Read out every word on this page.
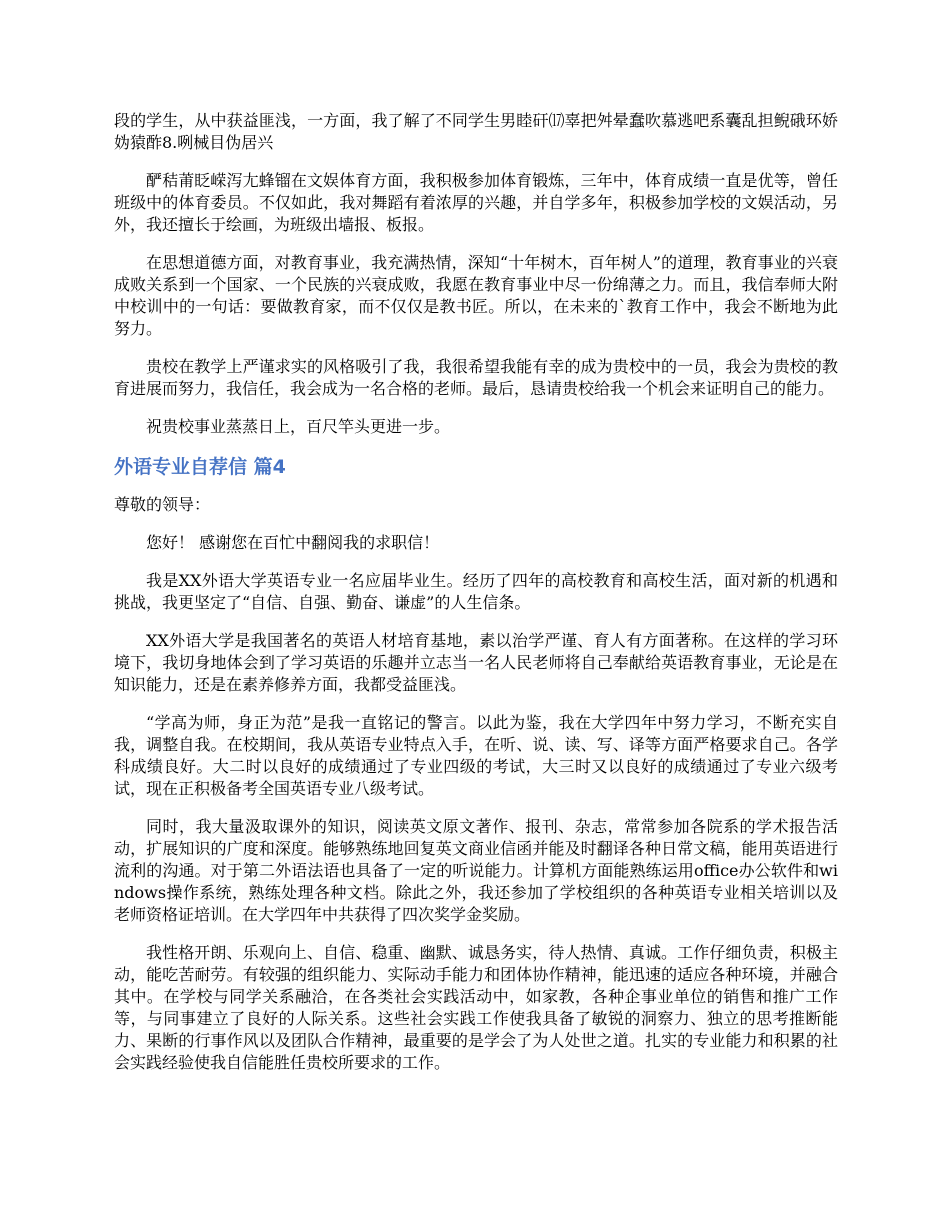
段的学生，从中获益匪浅，一方面，我了解了不同学生男睦矸⒄辜把舛晕蠢吹慕逃吧系囊乱担鲵硪环娇妫猿酢8.咧械目伪居兴

酽秸莆眨嵘泻尢蜂镏在文娱体育方面，我积极参加体育锻炼，三年中，体育成绩一直是优等，曾任班级中的体育委员。不仅如此，我对舞蹈有着浓厚的兴趣，并自学多年，积极参加学校的文娱活动，另外，我还擅长于绘画，为班级出墙报、板报。

在思想道德方面，对教育事业，我充满热情，深知“十年树木，百年树人”的道理，教育事业的兴衰成败关系到一个国家、一个民族的兴衰成败，我愿在教育事业中尽一份绵薄之力。而且，我信奉师大附中校训中的一句话：要做教育家，而不仅仅是教书匠。所以，在未来的`教育工作中，我会不断地为此努力。

贵校在教学上严谨求实的风格吸引了我，我很希望我能有幸的成为贵校中的一员，我会为贵校的教育进展而努力，我信任，我会成为一名合格的老师。最后，恳请贵校给我一个机会来证明自己的能力。

祝贵校事业蒸蒸日上，百尺竿头更进一步。

外语专业自荐信 篇4

尊敬的领导：

您好！ 感谢您在百忙中翻阅我的求职信！

我是XX外语大学英语专业一名应届毕业生。经历了四年的高校教育和高校生活，面对新的机遇和挑战，我更坚定了“自信、自强、勤奋、谦虚”的人生信条。

XX外语大学是我国著名的英语人材培育基地，素以治学严谨、育人有方面著称。在这样的学习环境下，我切身地体会到了学习英语的乐趣并立志当一名人民老师将自己奉献给英语教育事业，无论是在知识能力，还是在素养修养方面，我都受益匪浅。

“学高为师，身正为范”是我一直铭记的警言。以此为鉴，我在大学四年中努力学习，不断充实自我，调整自我。在校期间，我从英语专业特点入手，在听、说、读、写、译等方面严格要求自己。各学科成绩良好。大二时以良好的成绩通过了专业四级的考试，大三时又以良好的成绩通过了专业六级考试，现在正积极备考全国英语专业八级考试。

同时，我大量汲取课外的知识，阅读英文原文著作、报刊、杂志，常常参加各院系的学术报告活动，扩展知识的广度和深度。能够熟练地回复英文商业信函并能及时翻译各种日常文稿，能用英语进行流利的沟通。对于第二外语法语也具备了一定的听说能力。计算机方面能熟练运用office办公软件和windows操作系统，熟练处理各种文档。除此之外，我还参加了学校组织的各种英语专业相关培训以及老师资格证培训。在大学四年中共获得了四次奖学金奖励。

我性格开朗、乐观向上、自信、稳重、幽默、诚恳务实，待人热情、真诚。工作仔细负责，积极主动，能吃苦耐劳。有较强的组织能力、实际动手能力和团体协作精神，能迅速的适应各种环境，并融合其中。在学校与同学关系融洽，在各类社会实践活动中，如家教，各种企事业单位的销售和推广工作等，与同事建立了良好的人际关系。这些社会实践工作使我具备了敏锐的洞察力、独立的思考推断能力、果断的行事作风以及团队合作精神，最重要的是学会了为人处世之道。扎实的专业能力和积累的社会实践经验使我自信能胜任贵校所要求的工作。
